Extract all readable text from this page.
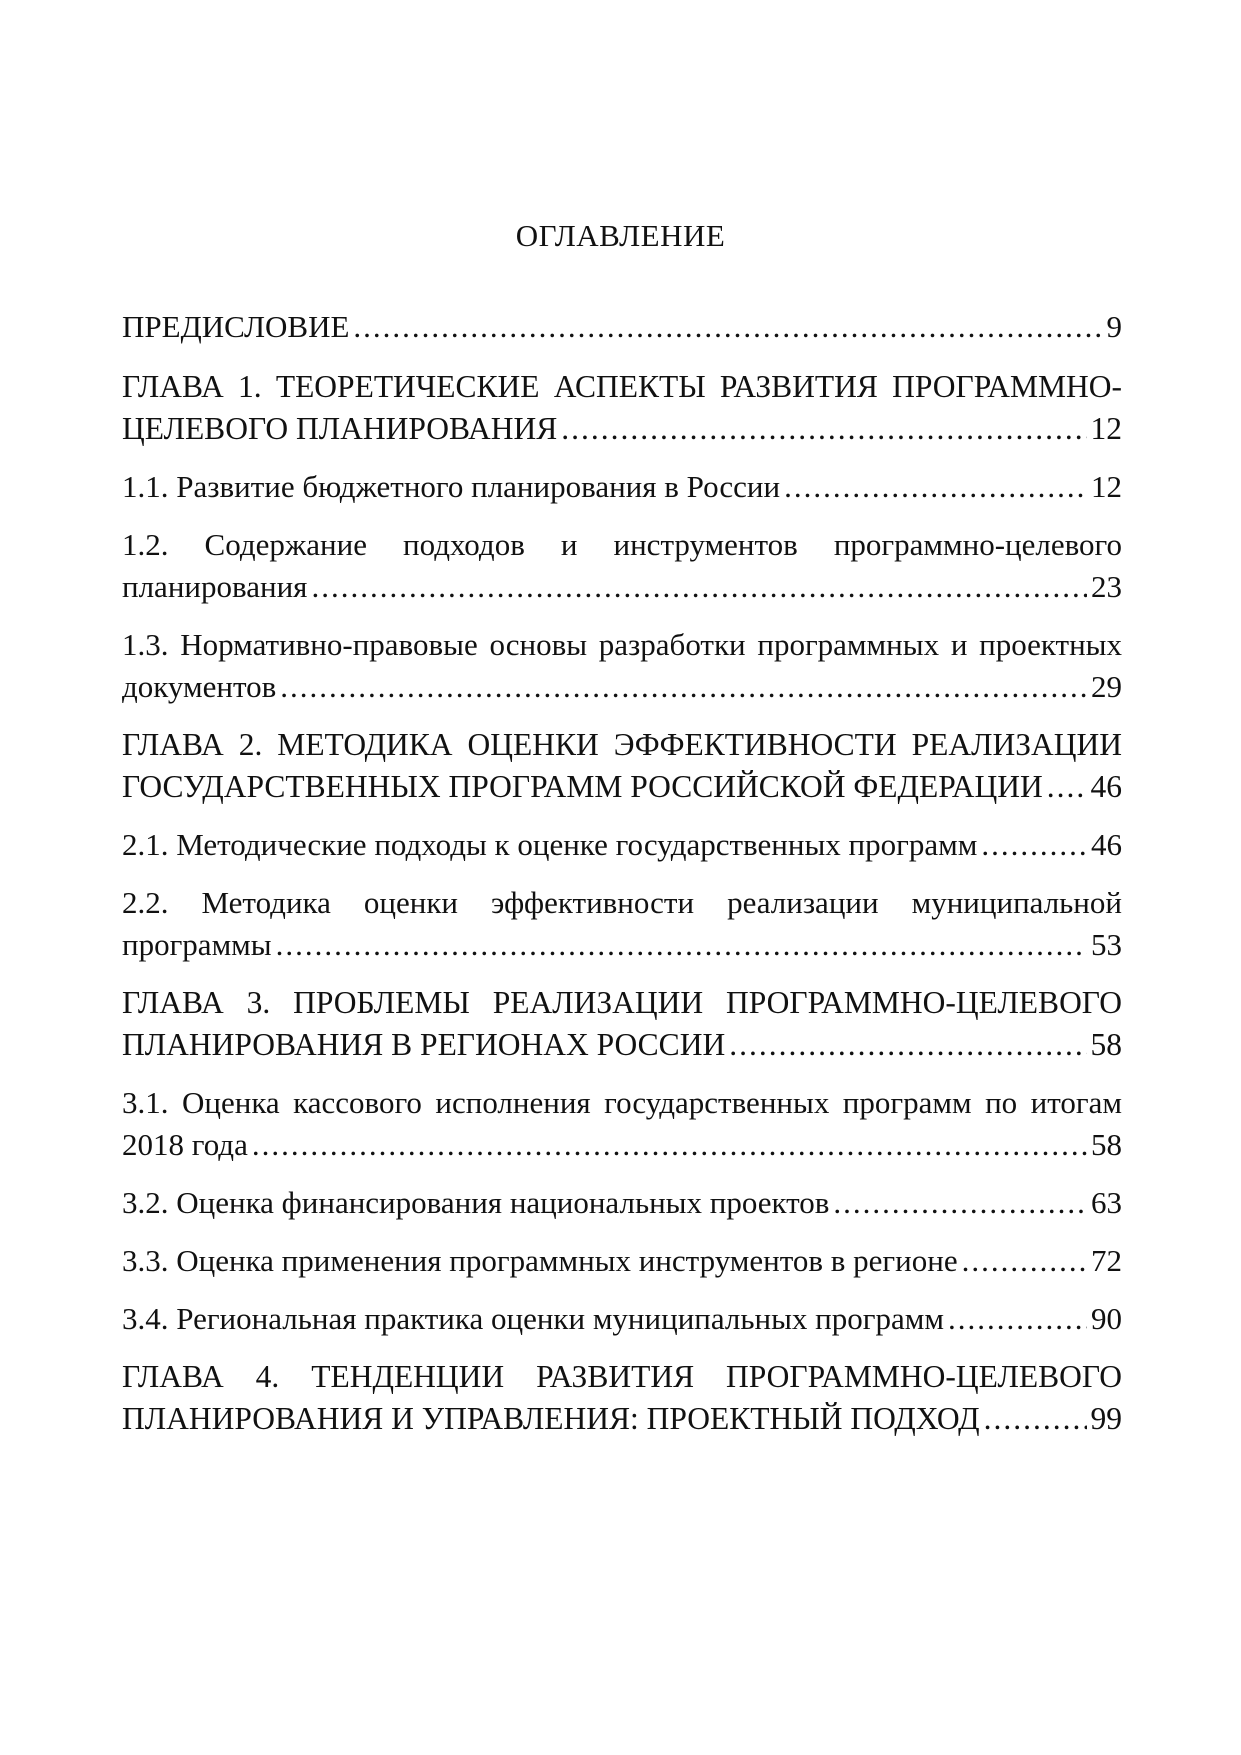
ОГЛАВЛЕНИЕ
ПРЕДИСЛОВИЕ .....	9
ГЛАВА 1. ТЕОРЕТИЧЕСКИЕ АСПЕКТЫ РАЗВИТИЯ ПРОГРАММНО-
ЦЕЛЕВОГО ПЛАНИРОВАНИЯ .....	12
1.1. Развитие бюджетного планирования в России .....	12
1.2. Содержание подходов и инструментов программно-целевого
планирования .....	23
1.3. Нормативно-правовые основы разработки программных и проектных
документов .....	29
ГЛАВА 2. МЕТОДИКА ОЦЕНКИ ЭФФЕКТИВНОСТИ РЕАЛИЗАЦИИ
ГОСУДАРСТВЕННЫХ ПРОГРАММ РОССИЙСКОЙ ФЕДЕРАЦИИ ..... 46
2.1. Методические подходы к оценке государственных программ .....	46
2.2. Методика оценки эффективности реализации муниципальной
программы .....	53
ГЛАВА 3. ПРОБЛЕМЫ РЕАЛИЗАЦИИ ПРОГРАММНО-ЦЕЛЕВОГО
ПЛАНИРОВАНИЯ В РЕГИОНАХ РОССИИ .....	58
3.1. Оценка кассового исполнения государственных программ по итогам
2018 года .....	58
3.2. Оценка финансирования национальных проектов .....	63
3.3. Оценка применения программных инструментов в регионе .....	72
3.4. Региональная практика оценки муниципальных программ .....	90
ГЛАВА 4. ТЕНДЕНЦИИ РАЗВИТИЯ ПРОГРАММНО-ЦЕЛЕВОГО
ПЛАНИРОВАНИЯ И УПРАВЛЕНИЯ: ПРОЕКТНЫЙ ПОДХОД .....	99
